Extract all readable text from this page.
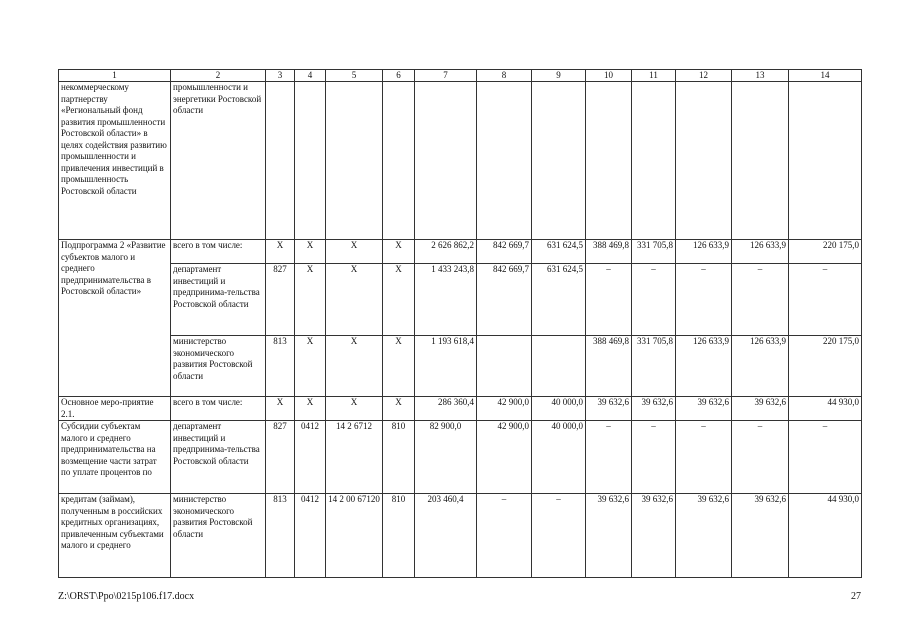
1	2	3	4	5	6	7	8	9	10	11	12	13	14
некоммерческому партнерству «Региональный фонд развития промышленности Ростовской области» в целях содействия развитию промышленности и привлечения инвестиций в промышленность Ростовской области	промышленности и энергетики Ростовской области												
Подпрограмма 2 «Развитие субъектов малого и среднего предпринимательства в Ростовской области»	всего в том числе:	Х	Х	Х	Х	2 626 862,2	842 669,7	631 624,5	388 469,8	331 705,8	126 633,9	126 633,9	220 175,0
	департамент инвестиций и предпринима-тельства Ростовской области	827	Х	Х	Х	1 433 243,8	842 669,7	631 624,5	–	–	–	–	–
	министерство экономического развития Ростовской области	813	Х	Х	Х	1 193 618,4			388 469,8	331 705,8	126 633,9	126 633,9	220 175,0
Основное меро-приятие 2.1.	всего в том числе:	Х	Х	Х	Х	286 360,4	42 900,0	40 000,0	39 632,6	39 632,6	39 632,6	39 632,6	44 930,0
Субсидии субъектам малого и среднего предпринимательства на возмещение части затрат по уплате процентов по	департамент инвестиций и предпринима-тельства Ростовской области	827	0412	14 2 6712	810	82 900,0	42 900,0	40 000,0	–	–	–	–	–
кредитам (займам), полученным в российских кредитных организациях, привлеченным субъектами малого и среднего	министерство экономического развития Ростовской области	813	0412	14 2 00 67120	810	203 460,4	–	–	39 632,6	39 632,6	39 632,6	39 632,6	44 930,0
Z:\ORST\Ppo\0215p106.f17.docx	27
